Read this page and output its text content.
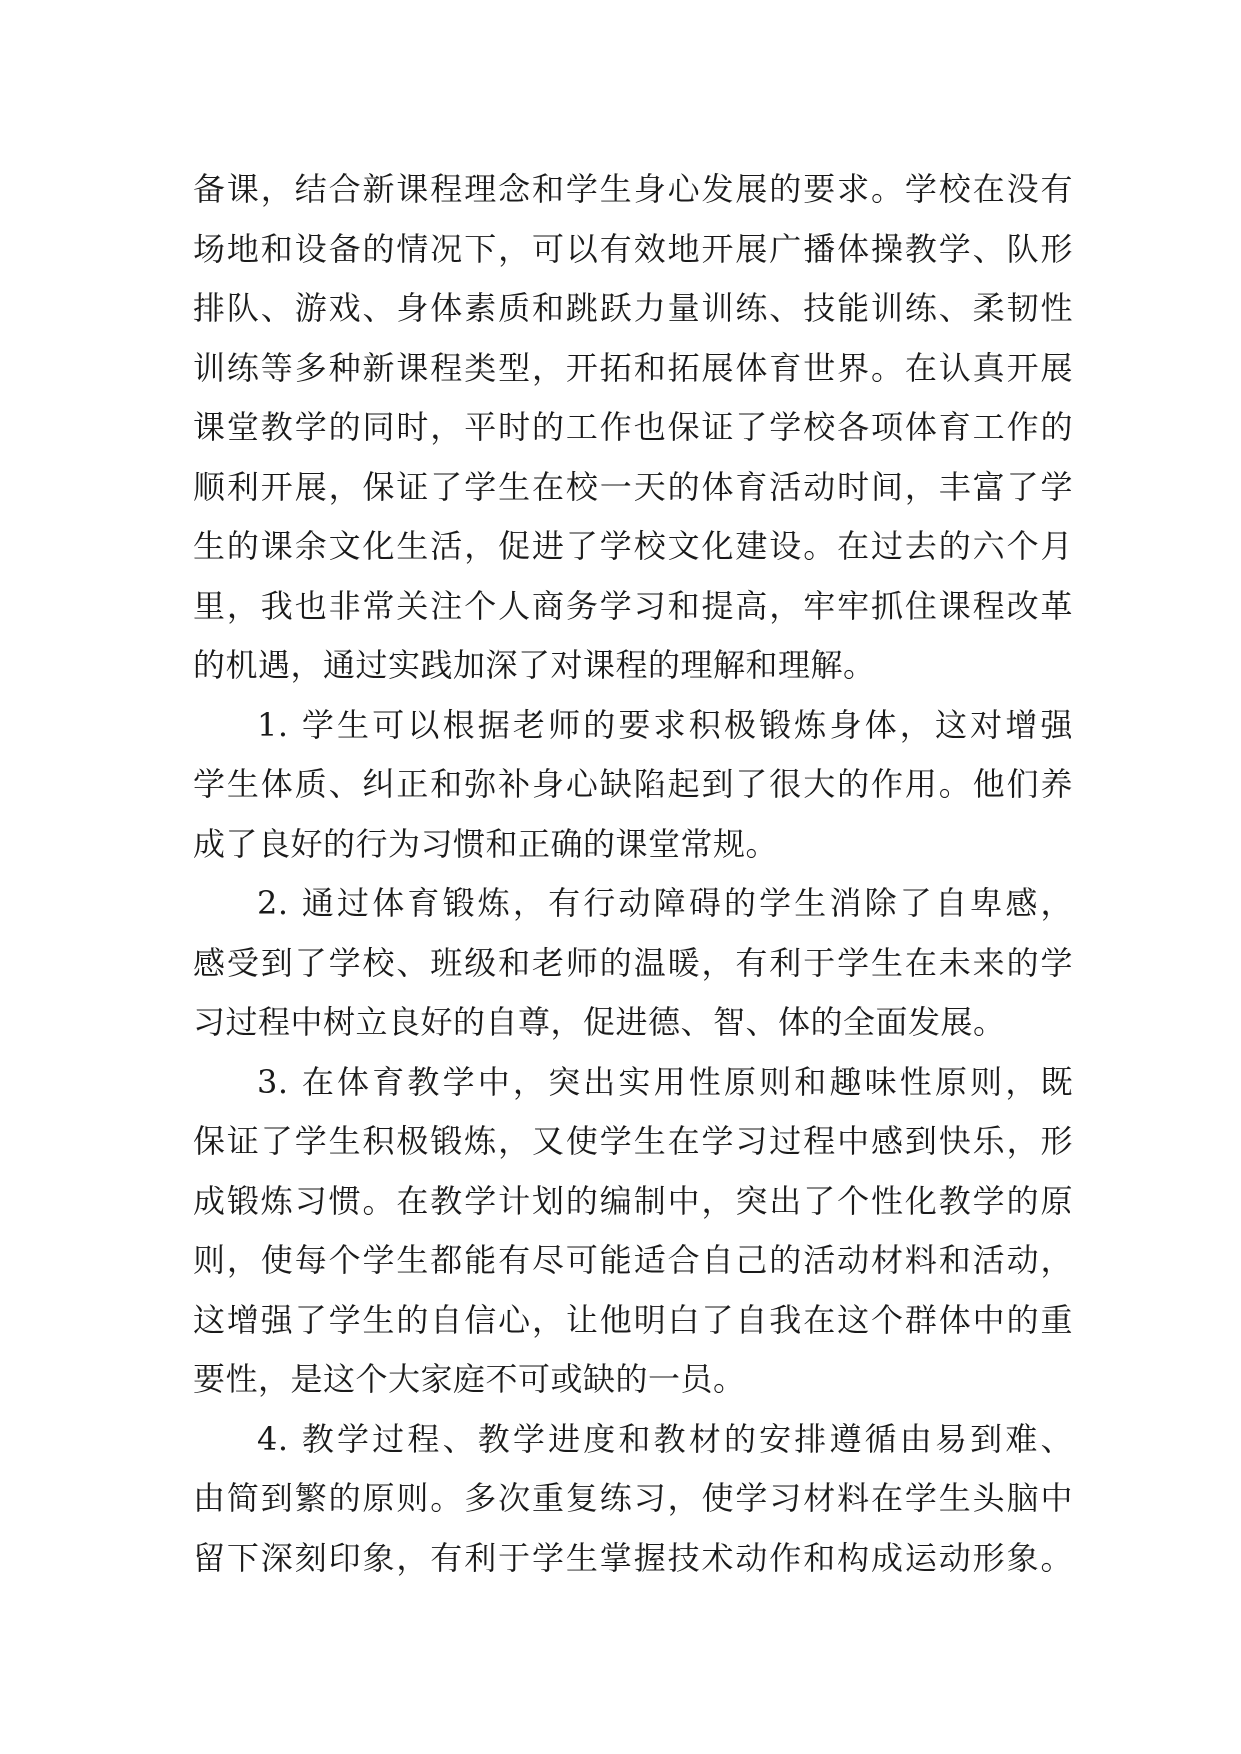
备课，结合新课程理念和学生身心发展的要求。学校在没有
场地和设备的情况下，可以有效地开展广播体操教学、队形
排队、游戏、身体素质和跳跃力量训练、技能训练、柔韧性
训练等多种新课程类型，开拓和拓展体育世界。在认真开展
课堂教学的同时，平时的工作也保证了学校各项体育工作的
顺利开展，保证了学生在校一天的体育活动时间，丰富了学
生的课余文化生活，促进了学校文化建设。在过去的六个月
里，我也非常关注个人商务学习和提高，牢牢抓住课程改革
的机遇，通过实践加深了对课程的理解和理解。
1. 学生可以根据老师的要求积极锻炼身体，这对增强
学生体质、纠正和弥补身心缺陷起到了很大的作用。他们养
成了良好的行为习惯和正确的课堂常规。
2. 通过体育锻炼，有行动障碍的学生消除了自卑感，
感受到了学校、班级和老师的温暖，有利于学生在未来的学
习过程中树立良好的自尊，促进德、智、体的全面发展。
3. 在体育教学中，突出实用性原则和趣味性原则，既
保证了学生积极锻炼，又使学生在学习过程中感到快乐，形
成锻炼习惯。在教学计划的编制中，突出了个性化教学的原
则，使每个学生都能有尽可能适合自己的活动材料和活动，
这增强了学生的自信心，让他明白了自我在这个群体中的重
要性，是这个大家庭不可或缺的一员。
4. 教学过程、教学进度和教材的安排遵循由易到难、
由简到繁的原则。多次重复练习，使学习材料在学生头脑中
留下深刻印象，有利于学生掌握技术动作和构成运动形象。
